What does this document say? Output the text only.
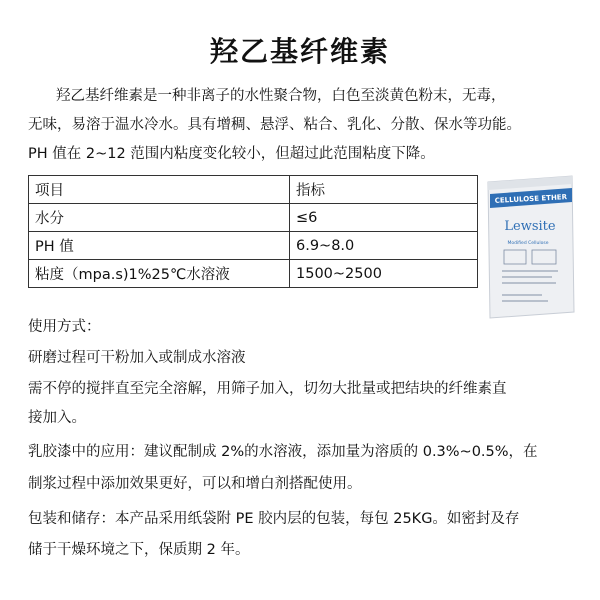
羟乙基纤维素
羟乙基纤维素是一种非离子的水性聚合物，白色至淡黄色粉末，无毒，
无味，易溶于温水冷水。具有增稠、悬浮、粘合、乳化、分散、保水等功能。
PH 值在 2~12 范围内粘度变化较小，但超过此范围粘度下降。
项目	指标
水分	≤6
PH 值	6.9~8.0
粘度（mpa.s)1%25℃水溶液	1500~2500
CELLULOSE ETHER
Lewsite
Modified Cellulose
使用方式：
研磨过程可干粉加入或制成水溶液
需不停的搅拌直至完全溶解，用筛子加入，切勿大批量或把结块的纤维素直
接加入。
乳胶漆中的应用：建议配制成 2%的水溶液，添加量为溶质的 0.3%~0.5%，在
制浆过程中添加效果更好，可以和增白剂搭配使用。
包装和储存：本产品采用纸袋附 PE 胶内层的包装，每包 25KG。如密封及存
储于干燥环境之下，保质期 2 年。
